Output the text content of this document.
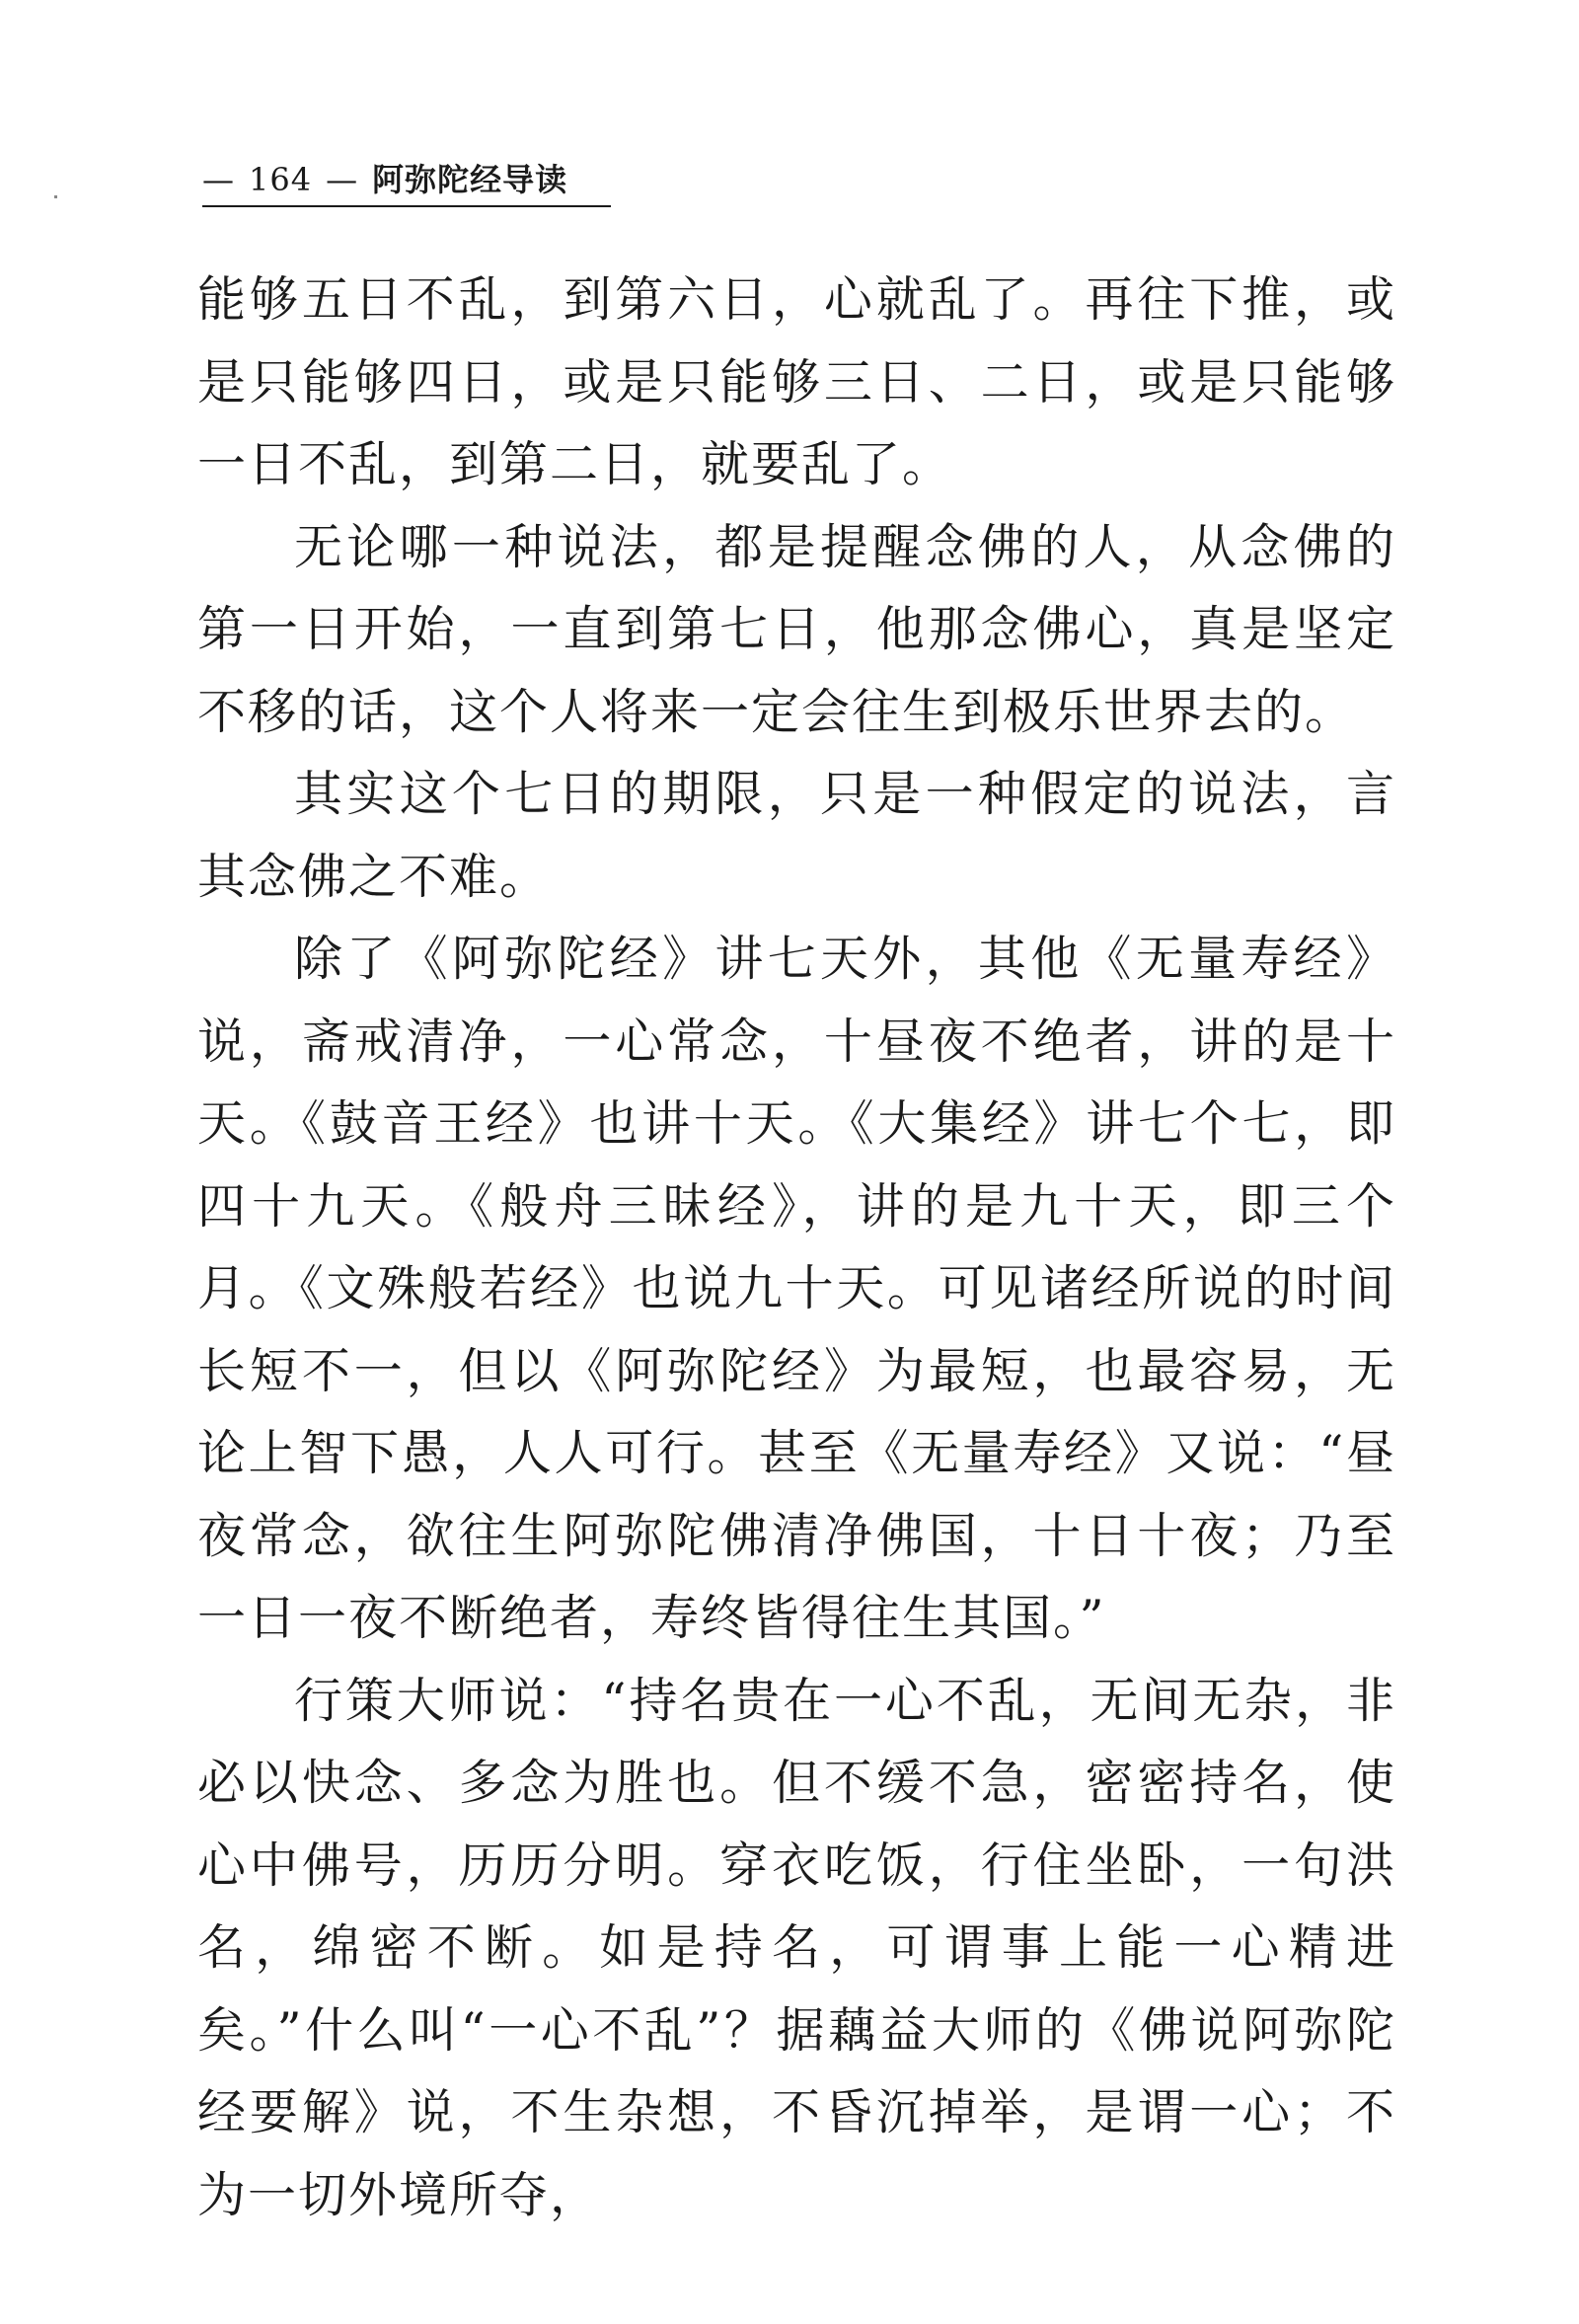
— 164 — 阿弥陀经导读

能够五日不乱，到第六日，心就乱了。再往下推，或是只能够四日，或是只能够三日、二日，或是只能够一日不乱，到第二日，就要乱了。

无论哪一种说法，都是提醒念佛的人，从念佛的第一日开始，一直到第七日，他那念佛心，真是坚定不移的话，这个人将来一定会往生到极乐世界去的。

其实这个七日的期限，只是一种假定的说法，言其念佛之不难。

除了《阿弥陀经》讲七天外，其他《无量寿经》说，斋戒清净，一心常念，十昼夜不绝者，讲的是十天。《鼓音王经》也讲十天。《大集经》讲七个七，即四十九天。《般舟三昧经》，讲的是九十天，即三个月。《文殊般若经》也说九十天。可见诸经所说的时间长短不一，但以《阿弥陀经》为最短，也最容易，无论上智下愚，人人可行。甚至《无量寿经》又说：“昼夜常念，欲往生阿弥陀佛清净佛国，十日十夜；乃至一日一夜不断绝者，寿终皆得往生其国。”

行策大师说：“持名贵在一心不乱，无间无杂，非必以快念、多念为胜也。但不缓不急，密密持名，使心中佛号，历历分明。穿衣吃饭，行住坐卧，一句洪名，绵密不断。如是持名，可谓事上能一心精进矣。”什么叫“一心不乱”？据藕益大师的《佛说阿弥陀经要解》说，不生杂想，不昏沉掉举，是谓一心；不为一切外境所夺，
